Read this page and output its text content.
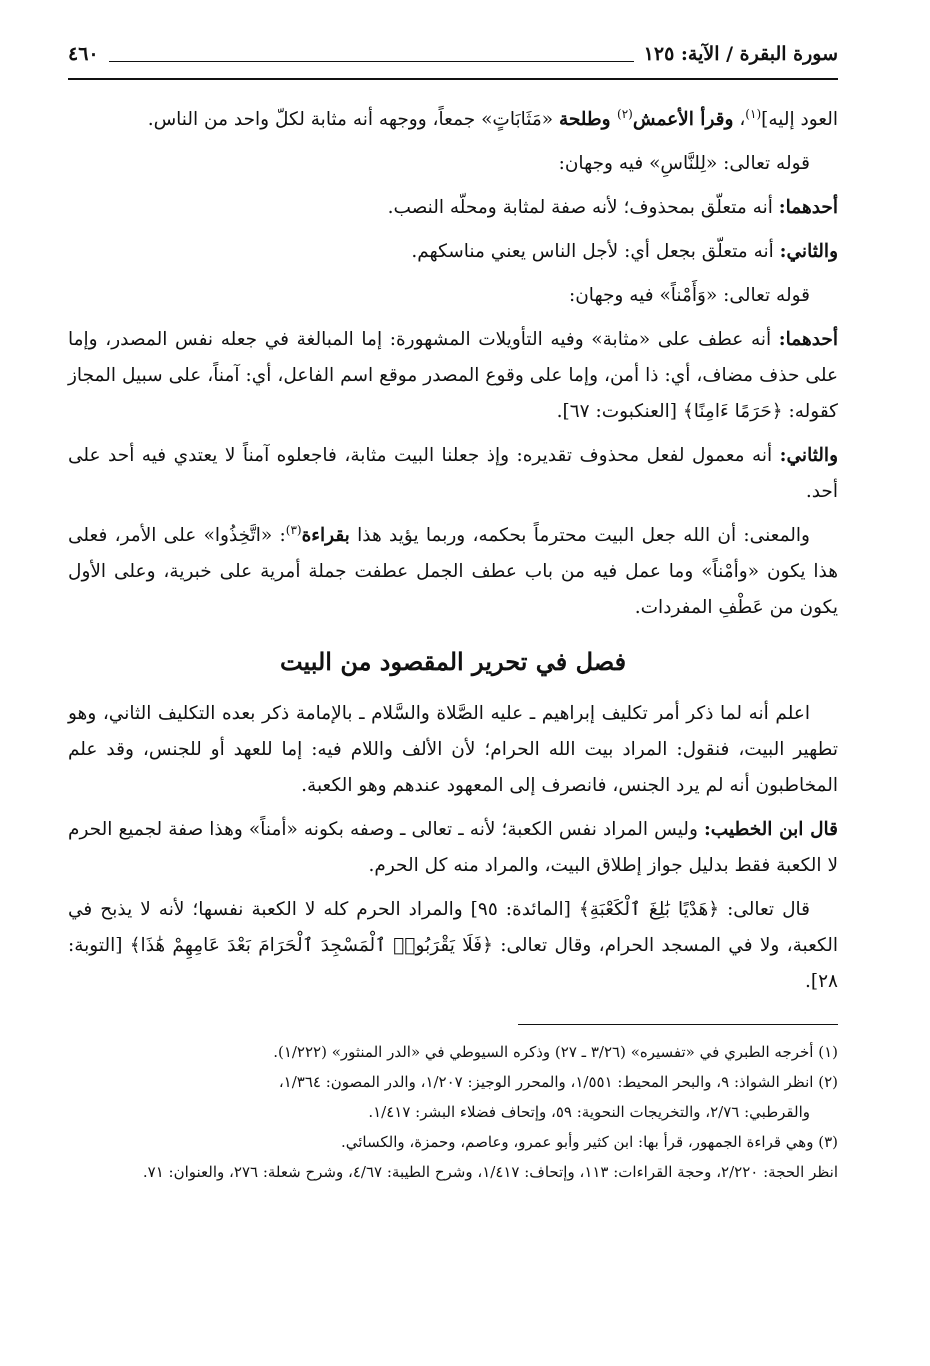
سورة البقرة / الآية: ١٢٥
٤٦٠

العود إليه]$^{(١)}$، وقرأ الأعمش$^{(٢)}$ وطلحة «مَثَابَاتٍ» جمعاً، ووجهه أنه مثابة لكلّ واحد من الناس.

قوله تعالى: «لِلنَّاسِ» فيه وجهان:

أحدهما: أنه متعلّق بمحذوف؛ لأنه صفة لمثابة ومحلّه النصب.

والثاني: أنه متعلّق بجعل أي: لأجل الناس يعني مناسكهم.

قوله تعالى: «وَأَمْناً» فيه وجهان:

أحدهما: أنه عطف على «مثابة» وفيه التأويلات المشهورة: إما المبالغة في جعله نفس المصدر، وإما على حذف مضاف، أي: ذا أمن، وإما على وقوع المصدر موقع اسم الفاعل، أي: آمناً، على سبيل المجاز كقوله: ﴿حَرَمًا ءَامِنًا﴾ [العنكبوت: ٦٧].

والثاني: أنه معمول لفعل محذوف تقديره: وإذ جعلنا البيت مثابة، فاجعلوه آمناً لا يعتدي فيه أحد على أحد.

والمعنى: أن الله جعل البيت محترماً بحكمه، وربما يؤيد هذا بقراءة$^{(٣)}$: «اتَّخِذُوا» على الأمر، فعلى هذا يكون «وأمْناً» وما عمل فيه من باب عطف الجمل عطفت جملة أمرية على خبرية، وعلى الأول يكون من عَطْفِ المفردات.

فصل في تحرير المقصود من البيت

اعلم أنه لما ذكر أمر تكليف إبراهيم ـ عليه الصَّلاة والسَّلام ـ بالإمامة ذكر بعده التكليف الثاني، وهو تطهير البيت، فنقول: المراد بيت الله الحرام؛ لأن الألف واللام فيه: إما للعهد أو للجنس، وقد علم المخاطبون أنه لم يرد الجنس، فانصرف إلى المعهود عندهم وهو الكعبة.

قال ابن الخطيب: وليس المراد نفس الكعبة؛ لأنه ـ تعالى ـ وصفه بكونه «أمناً» وهذا صفة لجميع الحرم لا الكعبة فقط بدليل جواز إطلاق البيت، والمراد منه كل الحرم.

قال تعالى: ﴿هَدْيًا بَٰلِغَ ٱلْكَعْبَةِ﴾ [المائدة: ٩٥] والمراد الحرم كله لا الكعبة نفسها؛ لأنه لا يذبح في الكعبة، ولا في المسجد الحرام، وقال تعالى: ﴿فَلَا يَقْرَبُوا۟ ٱلْمَسْجِدَ ٱلْحَرَامَ بَعْدَ عَامِهِمْ هَٰذَا﴾ [التوبة: ٢٨].

(١) أخرجه الطبري في «تفسيره» (٣/٢٦ ـ ٢٧) وذكره السيوطي في «الدر المنثور» (١/٢٢٢).

(٢) انظر الشواذ: ٩، والبحر المحيط: ١/٥٥١، والمحرر الوجيز: ١/٢٠٧، والدر المصون: ١/٣٦٤،

والقرطبي: ٢/٧٦، والتخريجات النحوية: ٥٩، وإتحاف فضلاء البشر: ١/٤١٧.

(٣) وهي قراءة الجمهور، قرأ بها: ابن كثير وأبو عمرو، وعاصم، وحمزة، والكسائي.

انظر الحجة: ٢/٢٢٠، وحجة القراءات: ١١٣، وإتحاف: ١/٤١٧، وشرح الطيبة: ٤/٦٧، وشرح شعلة: ٢٧٦، والعنوان: ٧١.
